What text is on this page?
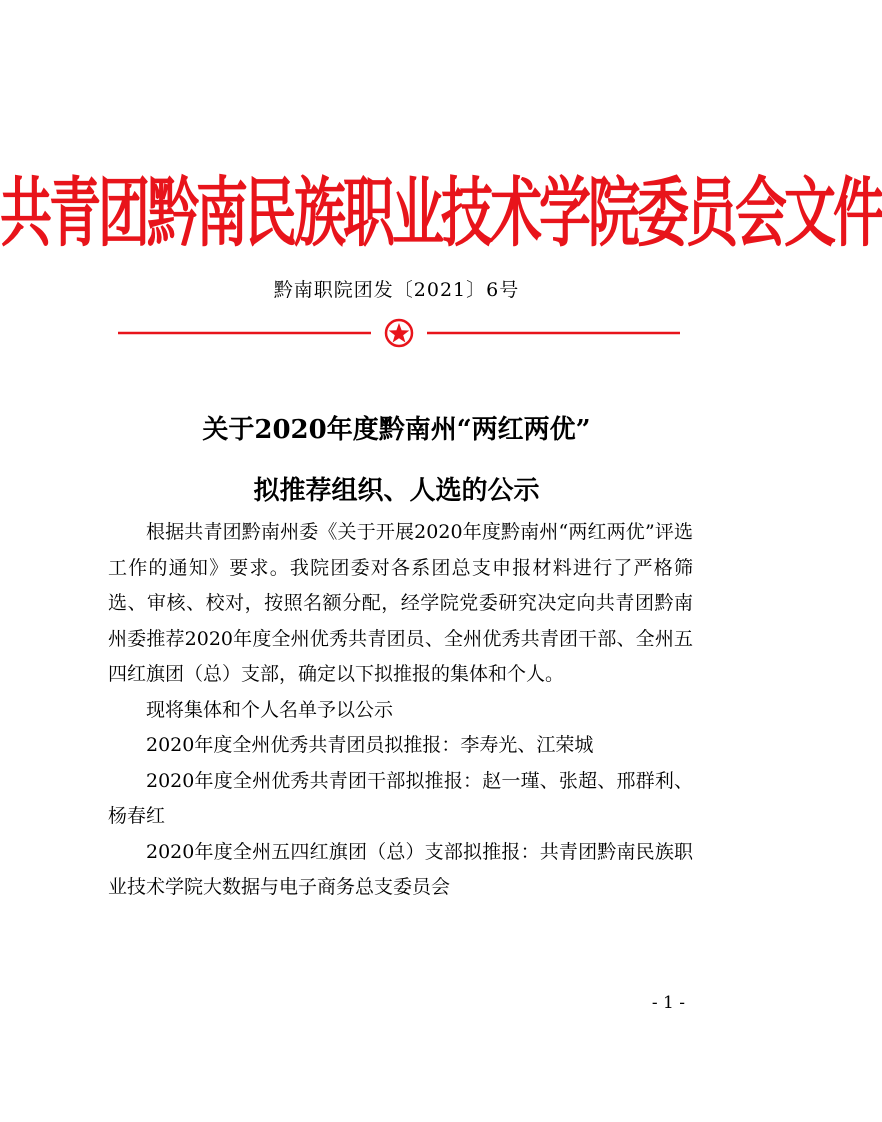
共青团黔南民族职业技术学院委员会文件
黔南职院团发〔2021〕6号
关于2020年度黔南州“两红两优”
拟推荐组织、人选的公示

根据共青团黔南州委《关于开展2020年度黔南州“两红两优”评选工作的通知》要求。我院团委对各系团总支申报材料进行了严格筛选、审核、校对，按照名额分配，经学院党委研究决定向共青团黔南州委推荐2020年度全州优秀共青团员、全州优秀共青团干部、全州五四红旗团（总）支部，确定以下拟推报的集体和个人。

现将集体和个人名单予以公示

2020年度全州优秀共青团员拟推报：李寿光、江荣城

2020年度全州优秀共青团干部拟推报：赵一瑾、张超、邢群利、杨春红

2020年度全州五四红旗团（总）支部拟推报：共青团黔南民族职业技术学院大数据与电子商务总支委员会

- 1 -
